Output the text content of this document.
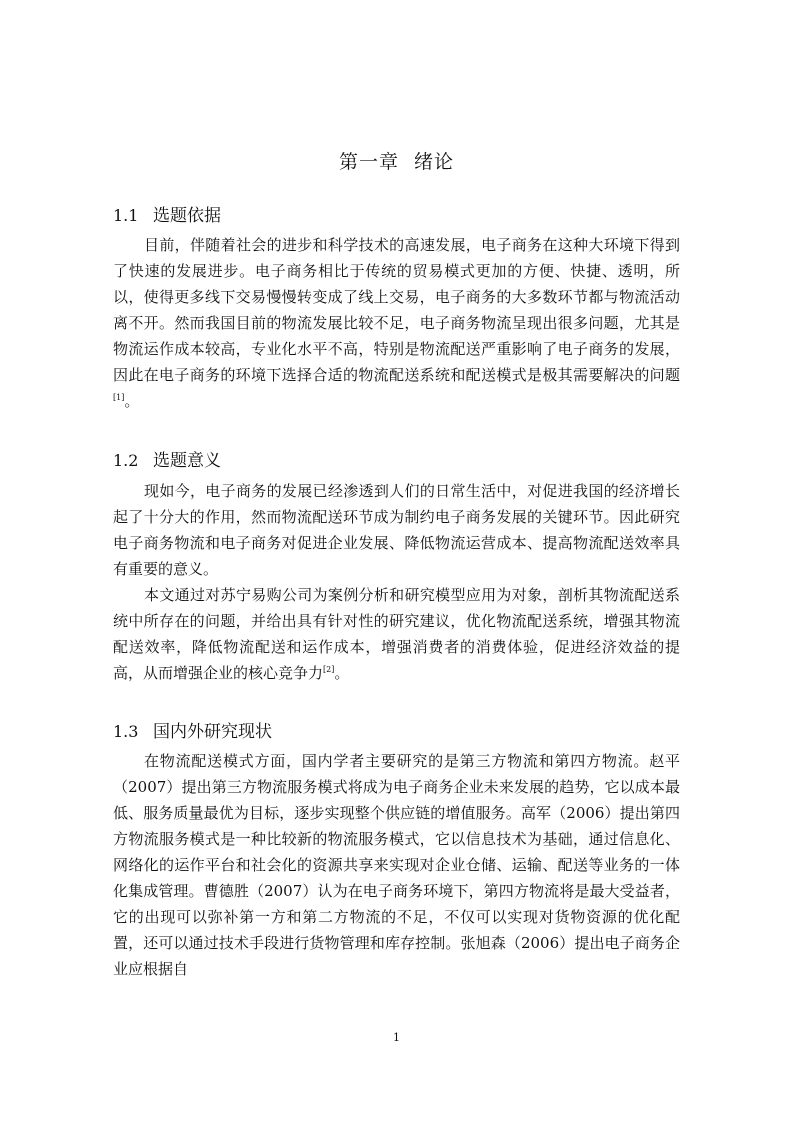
第一章 绪论
1.1 选题依据
目前，伴随着社会的进步和科学技术的高速发展，电子商务在这种大环境下得到了快速的发展进步。电子商务相比于传统的贸易模式更加的方便、快捷、透明，所以，使得更多线下交易慢慢转变成了线上交易，电子商务的大多数环节都与物流活动离不开。然而我国目前的物流发展比较不足，电子商务物流呈现出很多问题，尤其是物流运作成本较高，专业化水平不高，特别是物流配送严重影响了电子商务的发展，因此在电子商务的环境下选择合适的物流配送系统和配送模式是极其需要解决的问题[1]。
1.2 选题意义
现如今，电子商务的发展已经渗透到人们的日常生活中，对促进我国的经济增长起了十分大的作用，然而物流配送环节成为制约电子商务发展的关键环节。因此研究电子商务物流和电子商务对促进企业发展、降低物流运营成本、提高物流配送效率具有重要的意义。
本文通过对苏宁易购公司为案例分析和研究模型应用为对象，剖析其物流配送系统中所存在的问题，并给出具有针对性的研究建议，优化物流配送系统，增强其物流配送效率，降低物流配送和运作成本，增强消费者的消费体验，促进经济效益的提高，从而增强企业的核心竞争力[2]。
1.3 国内外研究现状
在物流配送模式方面，国内学者主要研究的是第三方物流和第四方物流。赵平（2007）提出第三方物流服务模式将成为电子商务企业未来发展的趋势，它以成本最低、服务质量最优为目标，逐步实现整个供应链的增值服务。高军（2006）提出第四方物流服务模式是一种比较新的物流服务模式，它以信息技术为基础，通过信息化、网络化的运作平台和社会化的资源共享来实现对企业仓储、运输、配送等业务的一体化集成管理。曹德胜（2007）认为在电子商务环境下，第四方物流将是最大受益者，它的出现可以弥补第一方和第二方物流的不足，不仅可以实现对货物资源的优化配置，还可以通过技术手段进行货物管理和库存控制。张旭森（2006）提出电子商务企业应根据自
1
